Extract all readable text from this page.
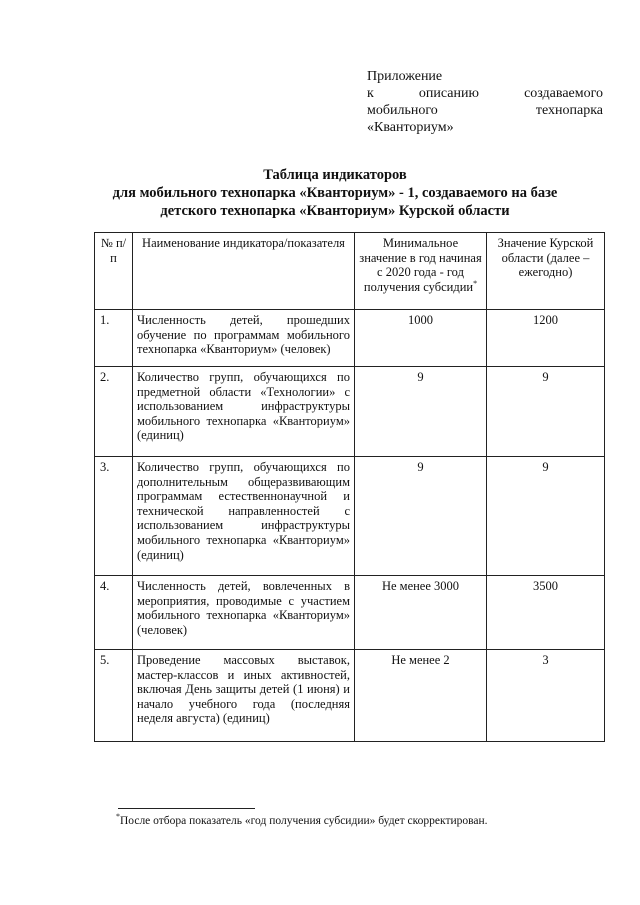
Приложение
к	описанию	создаваемого
мобильного	технопарка
«Кванториум»
Таблица индикаторов
для мобильного технопарка «Кванториум» - 1, создаваемого на базе
детского технопарка «Кванториум» Курской области
№ п/п	Наименование индикатора/показателя	Минимальное значение в год начиная с 2020 года - год получения субсидии*	Значение Курской области (далее – ежегодно)
1.	Численность детей, прошедших обучение по программам мобильного технопарка «Кванториум» (человек)	1000	1200
2.	Количество групп, обучающихся по предметной области «Технологии» с использованием инфраструктуры мобильного технопарка «Кванториум» (единиц)	9	9
3.	Количество групп, обучающихся по дополнительным общеразвивающим программам естественнонаучной и технической направленностей с использованием инфраструктуры мобильного технопарка «Кванториум» (единиц)	9	9
4.	Численность детей, вовлеченных в мероприятия, проводимые с участием мобильного технопарка «Кванториум» (человек)	Не менее 3000	3500
5.	Проведение массовых выставок, мастер-классов и иных активностей, включая День защиты детей (1 июня) и начало учебного года (последняя неделя августа) (единиц)	Не менее 2	3
*После отбора показатель «год получения субсидии» будет скорректирован.
